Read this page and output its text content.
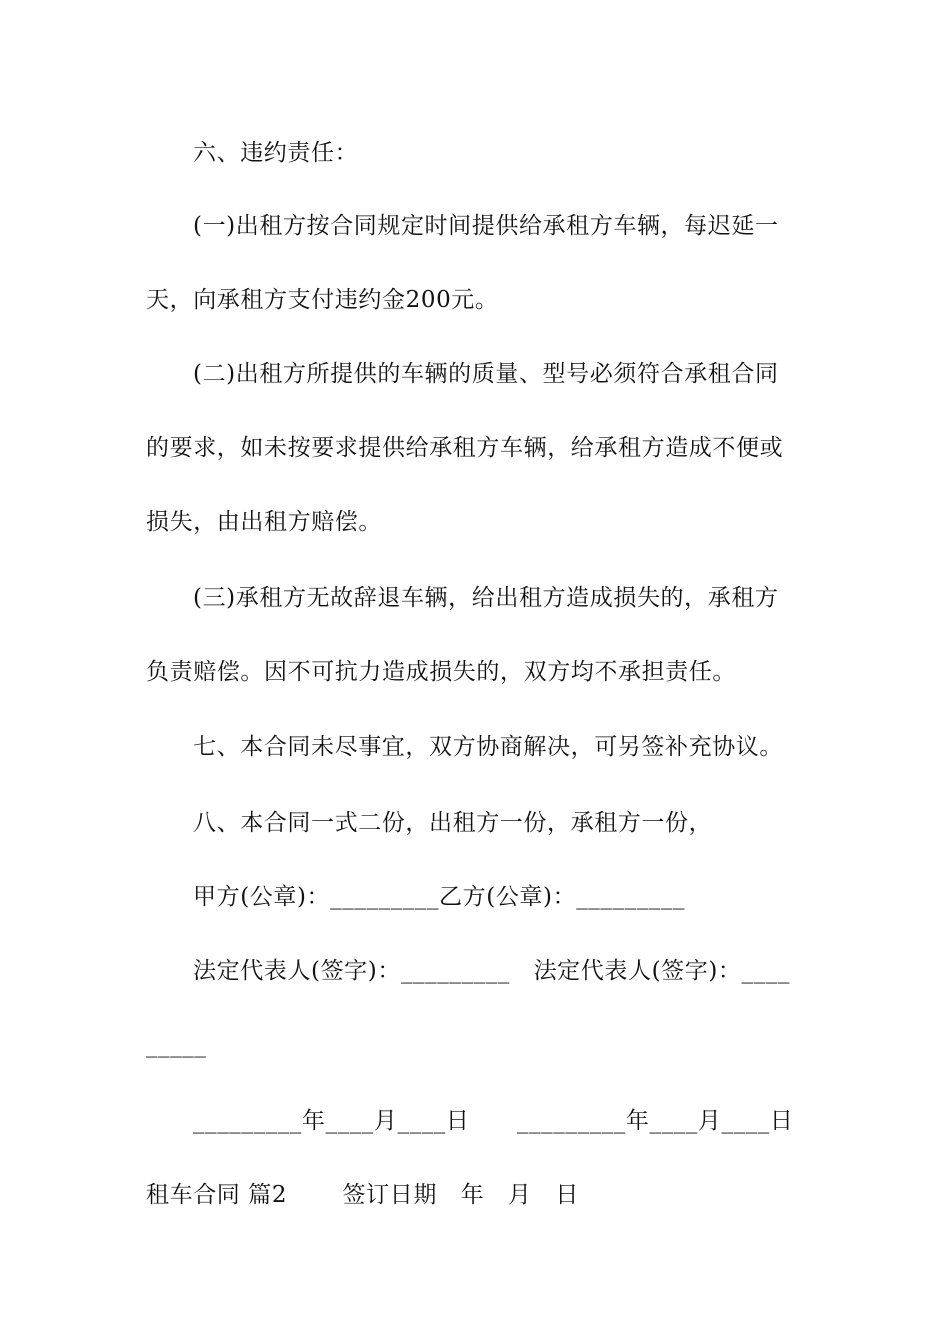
六、违约责任：
(一)出租方按合同规定时间提供给承租方车辆，每迟延一
天，向承租方支付违约金200元。
(二)出租方所提供的车辆的质量、型号必须符合承租合同
的要求，如未按要求提供给承租方车辆，给承租方造成不便或
损失，由出租方赔偿。
(三)承租方无故辞退车辆，给出租方造成损失的，承租方
负责赔偿。因不可抗力造成损失的，双方均不承担责任。
七、本合同未尽事宜，双方协商解决，可另签补充协议。
八、本合同一式二份，出租方一份，承租方一份，
甲方(公章)：_________乙方(公章)：_________
法定代表人(签字)：_________   法定代表人(签字)：____
_____
_________年____月____日      _________年____月____日
租车合同 篇2       签订日期   年   月   日
